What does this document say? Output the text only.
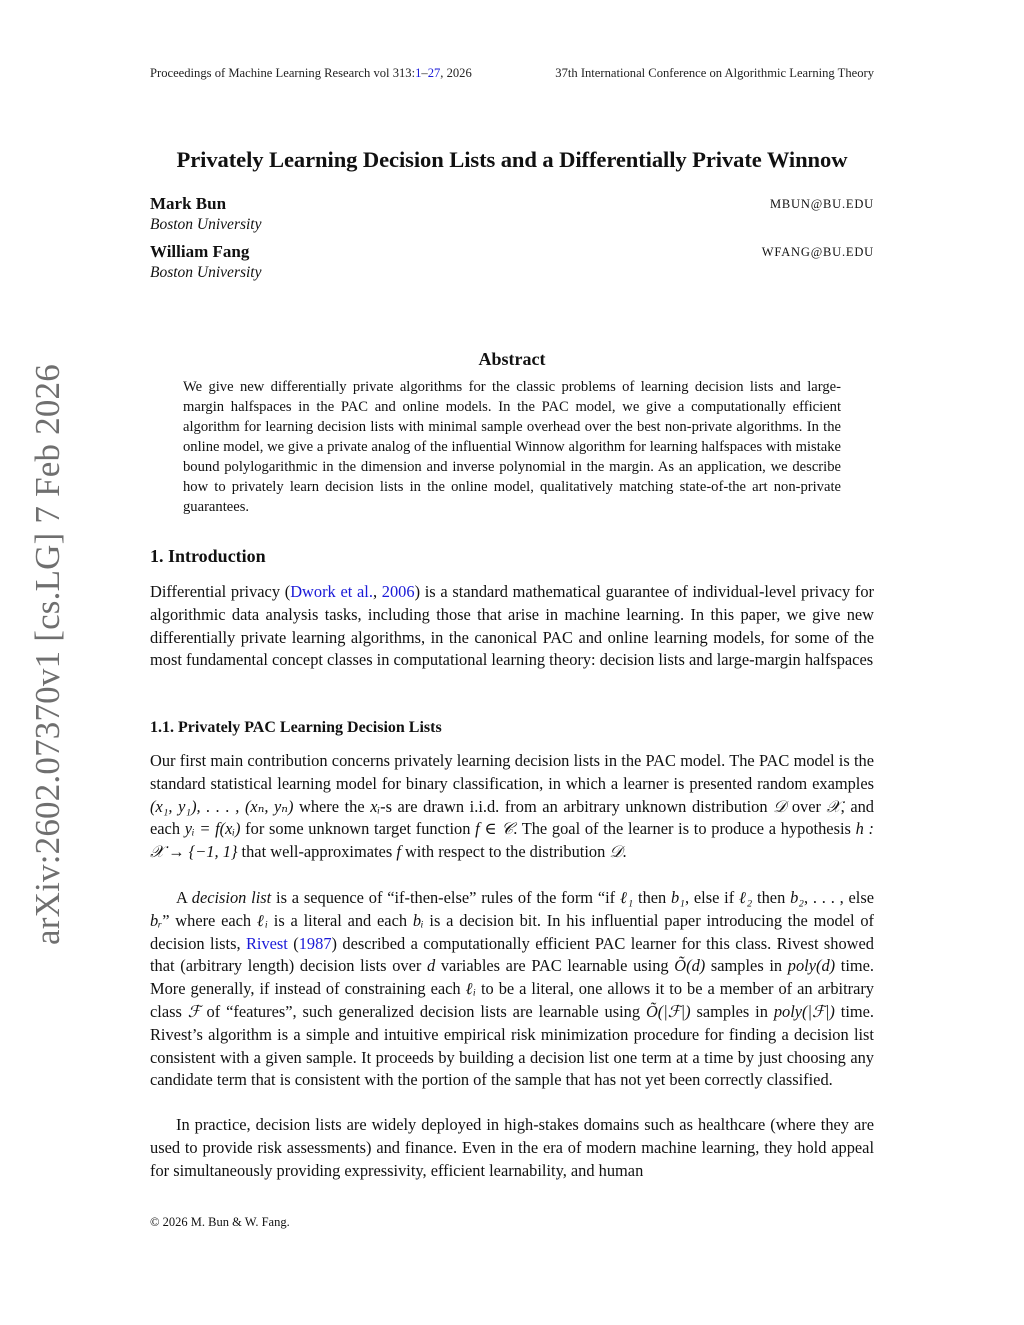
Proceedings of Machine Learning Research vol 313:1–27, 2026	37th International Conference on Algorithmic Learning Theory
arXiv:2602.07370v1 [cs.LG] 7 Feb 2026
Privately Learning Decision Lists and a Differentially Private Winnow
Mark Bun
Boston University
MBUN@BU.EDU
William Fang
Boston University
WFANG@BU.EDU
Abstract
We give new differentially private algorithms for the classic problems of learning decision lists and large-margin halfspaces in the PAC and online models. In the PAC model, we give a computationally efficient algorithm for learning decision lists with minimal sample overhead over the best non-private algorithms. In the online model, we give a private analog of the influential Winnow algorithm for learning halfspaces with mistake bound polylogarithmic in the dimension and inverse polynomial in the margin. As an application, we describe how to privately learn decision lists in the online model, qualitatively matching state-of-the art non-private guarantees.
1. Introduction

Differential privacy (Dwork et al., 2006) is a standard mathematical guarantee of individual-level privacy for algorithmic data analysis tasks, including those that arise in machine learning. In this paper, we give new differentially private learning algorithms, in the canonical PAC and online learning models, for some of the most fundamental concept classes in computational learning theory: decision lists and large-margin halfspaces

1.1. Privately PAC Learning Decision Lists

Our first main contribution concerns privately learning decision lists in the PAC model. The PAC model is the standard statistical learning model for binary classification, in which a learner is presented random examples (x₁, y₁), . . . , (xₙ, yₙ) where the xᵢ-s are drawn i.i.d. from an arbitrary unknown distribution 𝒟 over 𝒳, and each yᵢ = f(xᵢ) for some unknown target function f ∈ 𝒞. The goal of the learner is to produce a hypothesis h : 𝒳 → {−1, 1} that well-approximates f with respect to the distribution 𝒟.

A decision list is a sequence of “if-then-else” rules of the form “if ℓ₁ then b₁, else if ℓ₂ then b₂, . . . , else bᵣ” where each ℓᵢ is a literal and each bᵢ is a decision bit. In his influential paper introducing the model of decision lists, Rivest (1987) described a computationally efficient PAC learner for this class. Rivest showed that (arbitrary length) decision lists over d variables are PAC learnable using Õ(d) samples in poly(d) time. More generally, if instead of constraining each ℓᵢ to be a literal, one allows it to be a member of an arbitrary class ℱ of “features”, such generalized decision lists are learnable using Õ(|ℱ|) samples in poly(|ℱ|) time. Rivest’s algorithm is a simple and intuitive empirical risk minimization procedure for finding a decision list consistent with a given sample. It proceeds by building a decision list one term at a time by just choosing any candidate term that is consistent with the portion of the sample that has not yet been correctly classified.

In practice, decision lists are widely deployed in high-stakes domains such as healthcare (where they are used to provide risk assessments) and finance. Even in the era of modern machine learning, they hold appeal for simultaneously providing expressivity, efficient learnability, and human

© 2026 M. Bun & W. Fang.
